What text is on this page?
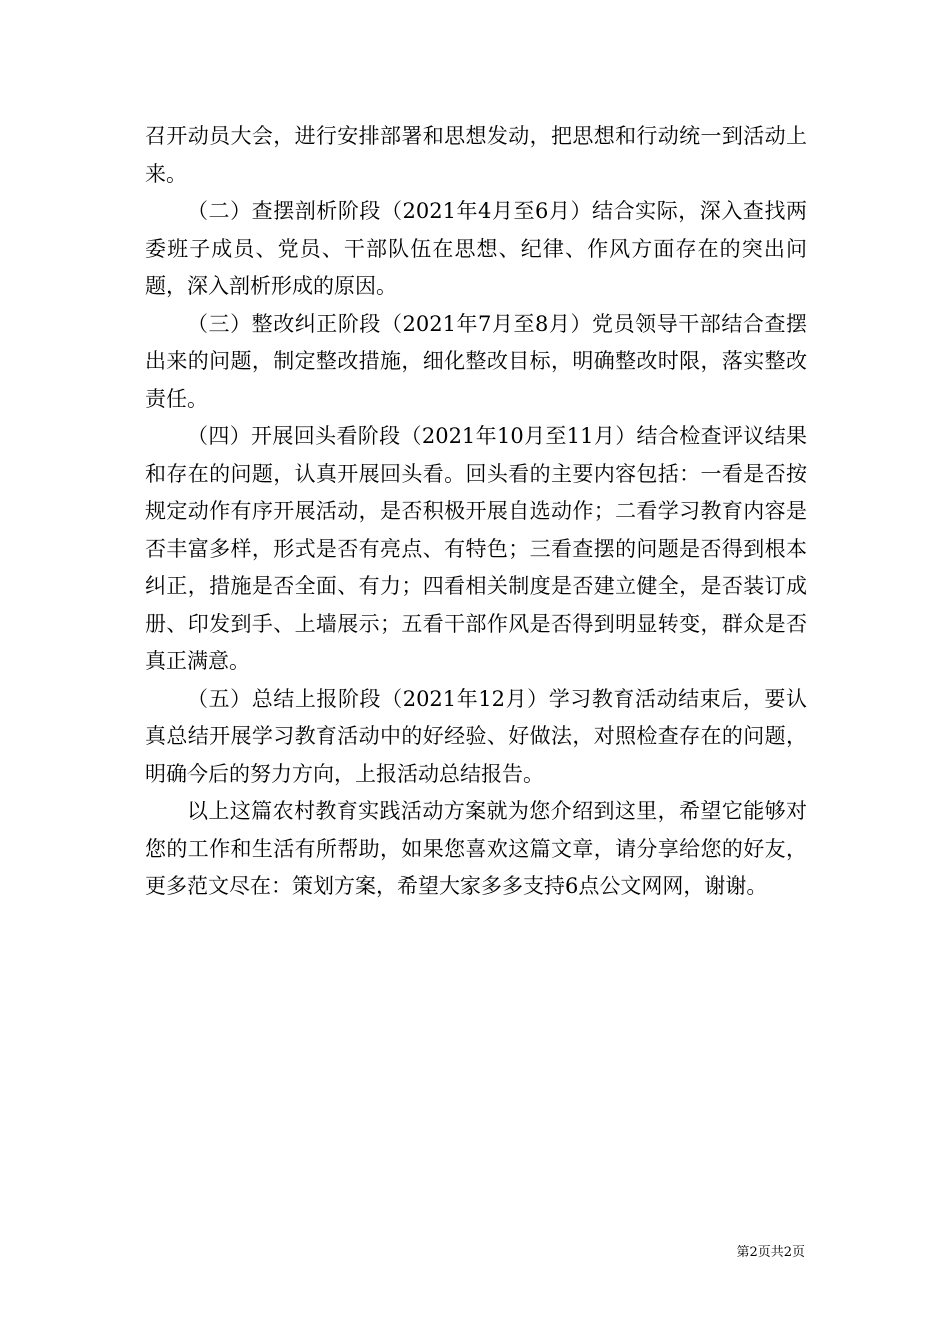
召开动员大会，进行安排部署和思想发动，把思想和行动统一到活动上来。

（二）查摆剖析阶段（2021年4月至6月）结合实际，深入查找两委班子成员、党员、干部队伍在思想、纪律、作风方面存在的突出问题，深入剖析形成的原因。

（三）整改纠正阶段（2021年7月至8月）党员领导干部结合查摆出来的问题，制定整改措施，细化整改目标，明确整改时限，落实整改责任。

（四）开展回头看阶段（2021年10月至11月）结合检查评议结果和存在的问题，认真开展回头看。回头看的主要内容包括：一看是否按规定动作有序开展活动，是否积极开展自选动作；二看学习教育内容是否丰富多样，形式是否有亮点、有特色；三看查摆的问题是否得到根本纠正，措施是否全面、有力；四看相关制度是否建立健全，是否装订成册、印发到手、上墙展示；五看干部作风是否得到明显转变，群众是否真正满意。

（五）总结上报阶段（2021年12月）学习教育活动结束后，要认真总结开展学习教育活动中的好经验、好做法，对照检查存在的问题，明确今后的努力方向，上报活动总结报告。

以上这篇农村教育实践活动方案就为您介绍到这里，希望它能够对您的工作和生活有所帮助，如果您喜欢这篇文章，请分享给您的好友，更多范文尽在：策划方案，希望大家多多支持6点公文网网，谢谢。

第2页共2页
